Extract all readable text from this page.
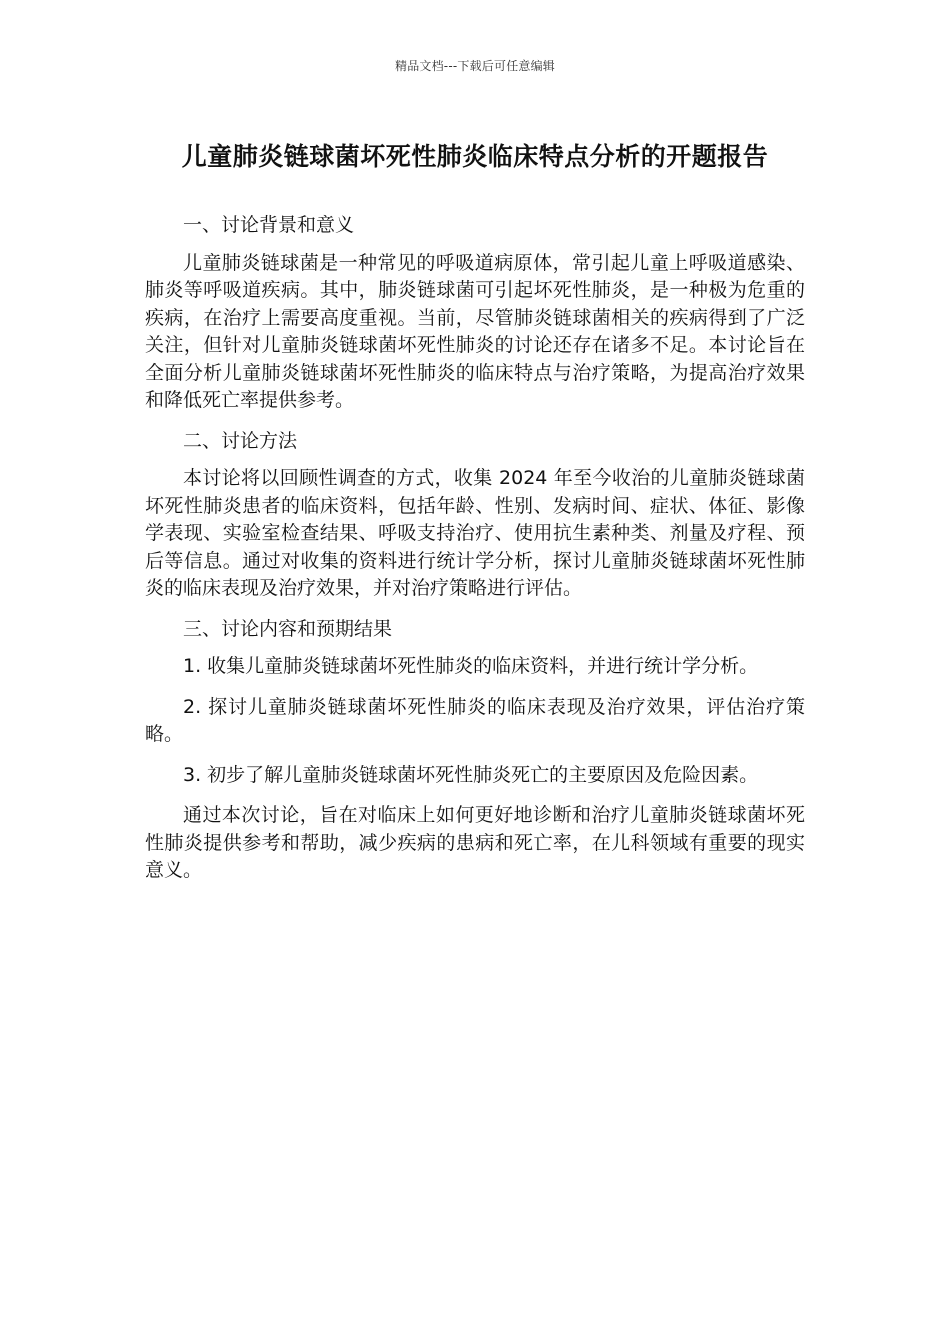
精品文档---下载后可任意编辑
儿童肺炎链球菌坏死性肺炎临床特点分析的开题报告

一、讨论背景和意义

儿童肺炎链球菌是一种常见的呼吸道病原体，常引起儿童上呼吸道感染、肺炎等呼吸道疾病。其中，肺炎链球菌可引起坏死性肺炎，是一种极为危重的疾病，在治疗上需要高度重视。当前，尽管肺炎链球菌相关的疾病得到了广泛关注，但针对儿童肺炎链球菌坏死性肺炎的讨论还存在诸多不足。本讨论旨在全面分析儿童肺炎链球菌坏死性肺炎的临床特点与治疗策略，为提高治疗效果和降低死亡率提供参考。

二、讨论方法

本讨论将以回顾性调查的方式，收集 2024 年至今收治的儿童肺炎链球菌坏死性肺炎患者的临床资料，包括年龄、性别、发病时间、症状、体征、影像学表现、实验室检查结果、呼吸支持治疗、使用抗生素种类、剂量及疗程、预后等信息。通过对收集的资料进行统计学分析，探讨儿童肺炎链球菌坏死性肺炎的临床表现及治疗效果，并对治疗策略进行评估。

三、讨论内容和预期结果

1. 收集儿童肺炎链球菌坏死性肺炎的临床资料，并进行统计学分析。

2. 探讨儿童肺炎链球菌坏死性肺炎的临床表现及治疗效果，评估治疗策略。

3. 初步了解儿童肺炎链球菌坏死性肺炎死亡的主要原因及危险因素。

通过本次讨论，旨在对临床上如何更好地诊断和治疗儿童肺炎链球菌坏死性肺炎提供参考和帮助，减少疾病的患病和死亡率，在儿科领域有重要的现实意义。
